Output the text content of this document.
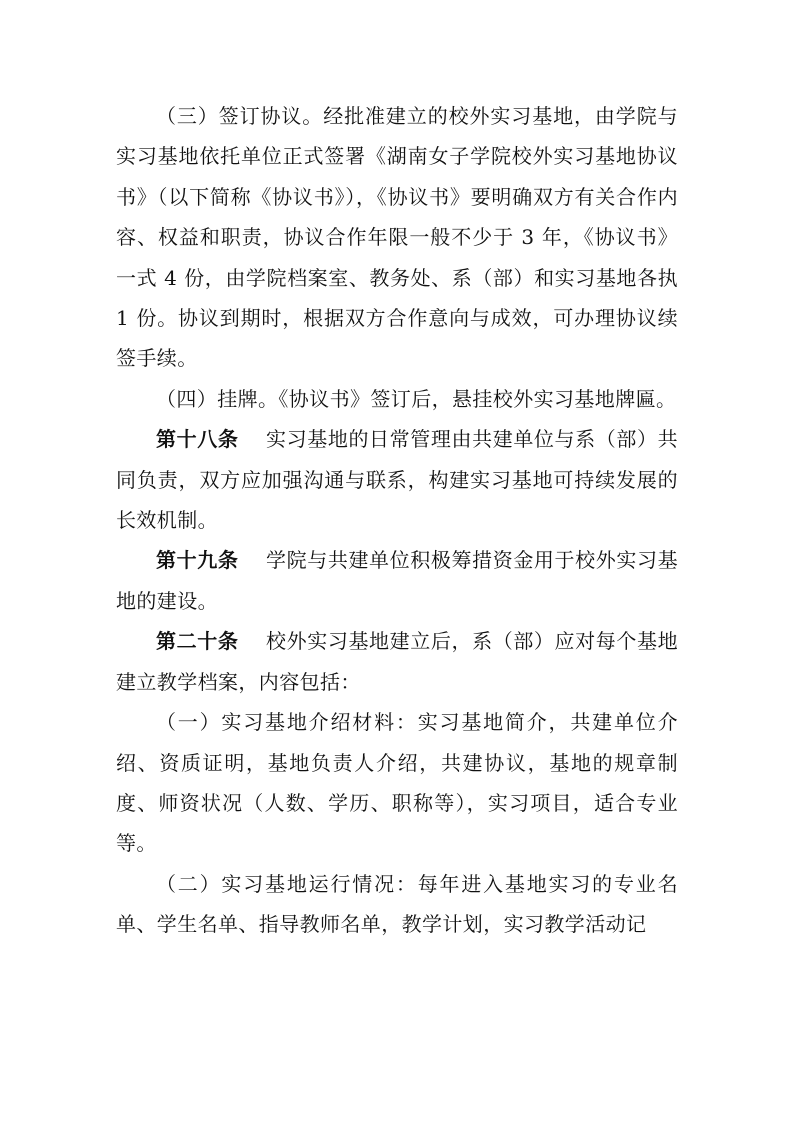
（三）签订协议。经批准建立的校外实习基地，由学院与实习基地依托单位正式签署《湖南女子学院校外实习基地协议书》（以下简称《协议书》），《协议书》要明确双方有关合作内容、权益和职责，协议合作年限一般不少于 3 年，《协议书》一式 4 份，由学院档案室、教务处、系（部）和实习基地各执 1 份。协议到期时，根据双方合作意向与成效，可办理协议续签手续。

（四）挂牌。《协议书》签订后，悬挂校外实习基地牌匾。

第十八条　 实习基地的日常管理由共建单位与系（部）共同负责，双方应加强沟通与联系，构建实习基地可持续发展的长效机制。

第十九条　 学院与共建单位积极筹措资金用于校外实习基地的建设。

第二十条　 校外实习基地建立后，系（部）应对每个基地建立教学档案，内容包括：

（一）实习基地介绍材料：实习基地简介，共建单位介绍、资质证明，基地负责人介绍，共建协议，基地的规章制度、师资状况（人数、学历、职称等），实习项目，适合专业等。

（二）实习基地运行情况：每年进入基地实习的专业名单、学生名单、指导教师名单，教学计划，实习教学活动记
